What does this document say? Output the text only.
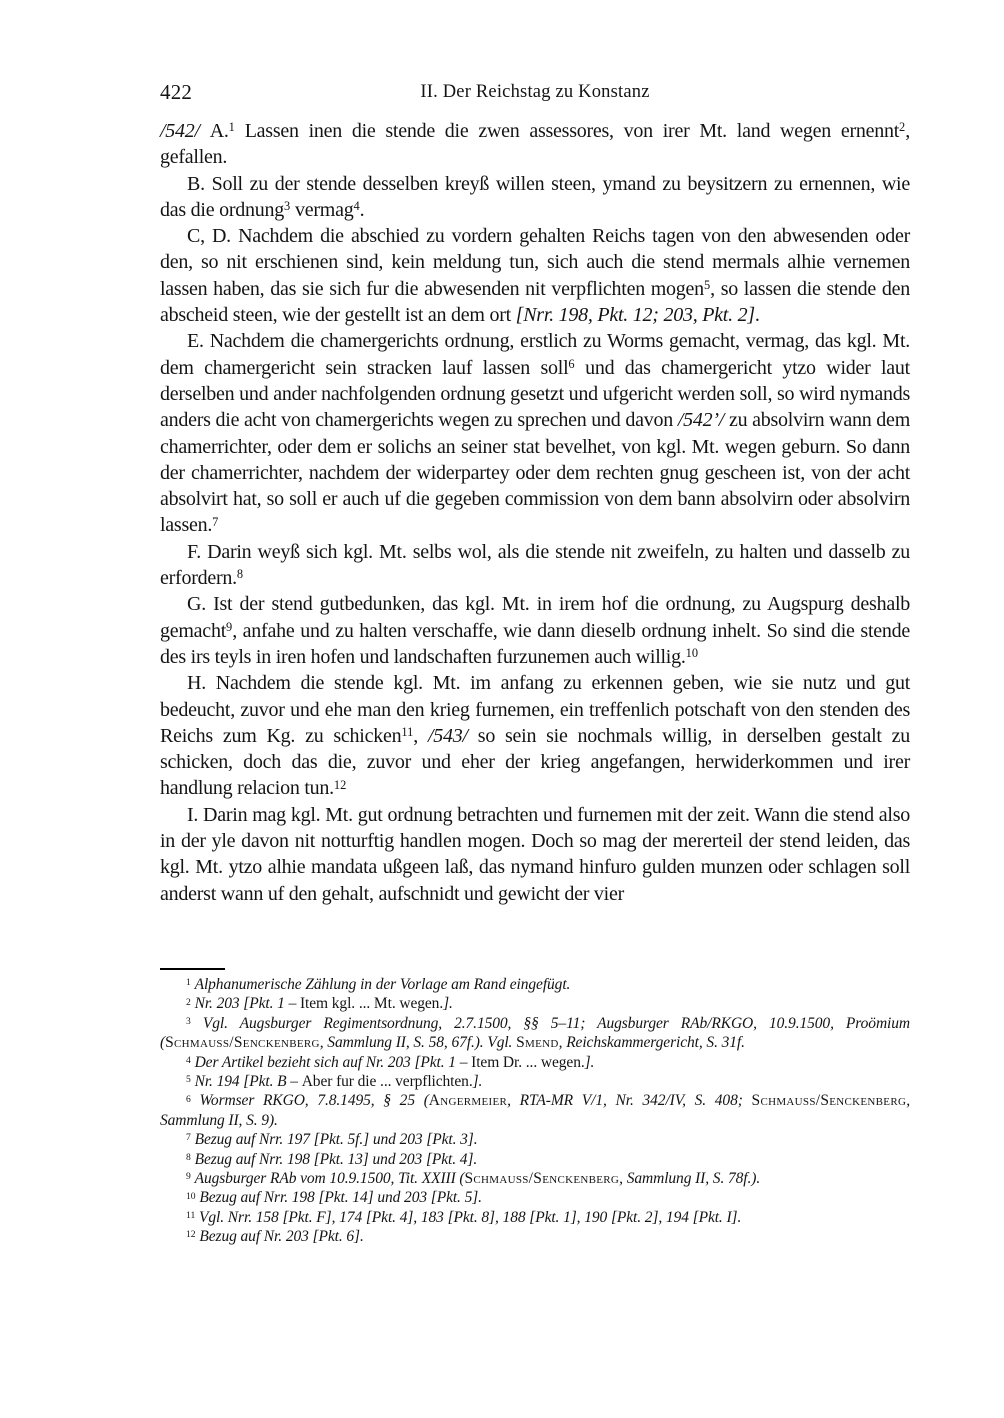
422	II. Der Reichstag zu Konstanz

/542/ A.$^1$ Lassen inen die stende die zwen assessores, von irer Mt. land wegen ernennt$^2$, gefallen.

B. Soll zu der stende desselben kreyß willen steen, ymand zu beysitzern zu ernennen, wie das die ordnung$^3$ vermag$^4$.

C, D. Nachdem die abschied zu vordern gehalten Reichs tagen von den abwesenden oder den, so nit erschienen sind, kein meldung tun, sich auch die stend mermals alhie vernemen lassen haben, das sie sich fur die abwesenden nit verpflichten mogen$^5$, so lassen die stende den abscheid steen, wie der gestellt ist an dem ort [Nrr. 198, Pkt. 12; 203, Pkt. 2].

E. Nachdem die chamergerichts ordnung, erstlich zu Worms gemacht, vermag, das kgl. Mt. dem chamergericht sein stracken lauf lassen soll$^6$ und das chamergericht ytzo wider laut derselben und ander nachfolgenden ordnung gesetzt und ufgericht werden soll, so wird nymands anders die acht von chamergerichts wegen zu sprechen und davon /542’/ zu absolvirn wann dem chamerrichter, oder dem er solichs an seiner stat bevelhet, von kgl. Mt. wegen geburn. So dann der chamerrichter, nachdem der widerpartey oder dem rechten gnug gescheen ist, von der acht absolvirt hat, so soll er auch uf die gegeben commission von dem bann absolvirn oder absolvirn lassen.$^7$

F. Darin weyß sich kgl. Mt. selbs wol, als die stende nit zweifeln, zu halten und dasselb zu erfordern.$^8$

G. Ist der stend gutbedunken, das kgl. Mt. in irem hof die ordnung, zu Augspurg deshalb gemacht$^9$, anfahe und zu halten verschaffe, wie dann dieselb ordnung inhelt. So sind die stende des irs teyls in iren hofen und landschaften furzunemen auch willig.$^{10}$

H. Nachdem die stende kgl. Mt. im anfang zu erkennen geben, wie sie nutz und gut bedeucht, zuvor und ehe man den krieg furnemen, ein treffenlich potschaft von den stenden des Reichs zum Kg. zu schicken$^{11}$, /543/ so sein sie nochmals willig, in derselben gestalt zu schicken, doch das die, zuvor und eher der krieg angefangen, herwiderkommen und irer handlung relacion tun.$^{12}$

I. Darin mag kgl. Mt. gut ordnung betrachten und furnemen mit der zeit. Wann die stend also in der yle davon nit notturftig handlen mogen. Doch so mag der mererteil der stend leiden, das kgl. Mt. ytzo alhie mandata ußgeen laß, das nymand hinfuro gulden munzen oder schlagen soll anderst wann uf den gehalt, aufschnidt und gewicht der vier

$^1$ Alphanumerische Zählung in der Vorlage am Rand eingefügt.

$^2$ Nr. 203 [Pkt. 1 – Item kgl. ... Mt. wegen.].

$^3$ Vgl. Augsburger Regimentsordnung, 2.7.1500, §§ 5–11; Augsburger RAb/RKGO, 10.9.1500, Proömium (Schmauss/Senckenberg, Sammlung II, S. 58, 67f.). Vgl. Smend, Reichskammergericht, S. 31f.

$^4$ Der Artikel bezieht sich auf Nr. 203 [Pkt. 1 – Item Dr. ... wegen.].

$^5$ Nr. 194 [Pkt. B – Aber fur die ... verpflichten.].

$^6$ Wormser RKGO, 7.8.1495, § 25 (Angermeier, RTA-MR V/1, Nr. 342/IV, S. 408; Schmauss/Senckenberg, Sammlung II, S. 9).

$^7$ Bezug auf Nrr. 197 [Pkt. 5f.] und 203 [Pkt. 3].

$^8$ Bezug auf Nrr. 198 [Pkt. 13] und 203 [Pkt. 4].

$^9$ Augsburger RAb vom 10.9.1500, Tit. XXIII (Schmauss/Senckenberg, Sammlung II, S. 78f.).

$^{10}$ Bezug auf Nrr. 198 [Pkt. 14] und 203 [Pkt. 5].

$^{11}$ Vgl. Nrr. 158 [Pkt. F], 174 [Pkt. 4], 183 [Pkt. 8], 188 [Pkt. 1], 190 [Pkt. 2], 194 [Pkt. I].

$^{12}$ Bezug auf Nr. 203 [Pkt. 6].
